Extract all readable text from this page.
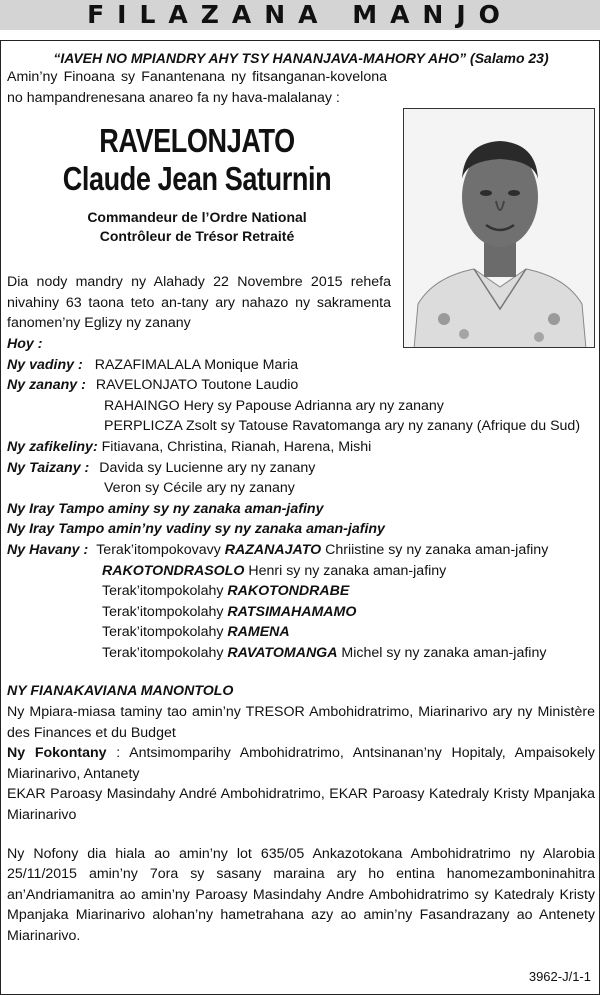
FILAZANA MANJO
“IAVEH NO MPIANDRY AHY TSY HANANJAVA-MAHORY AHO” (Salamo 23)
Amin’ny Finoana sy Fanantenana ny fitsanganan-kovelona no hampandrenesana anareo fa ny hava-malalanay :
RAVELONJATO
Claude Jean Saturnin
Commandeur de l’Ordre National
Contrôleur de Trésor Retraité
Dia nody mandry ny Alahady 22 Novembre 2015 rehefa nivahiny 63 taona teto an-tany ary nahazo ny sakramenta fanomen’ny Eglizy ny zanany
Hoy :
Ny vadiny : RAZAFIMALALA Monique Maria
Ny zanany : RAVELONJATO Toutone Laudio
RAHAINGO Hery sy Papouse Adrianna ary ny zanany
PERPLICZA Zsolt sy Tatouse Ravatomanga ary ny zanany (Afrique du Sud)
Ny zafikeliny: Fitiavana, Christina, Rianah, Harena, Mishi
Ny Taizany : Davida sy Lucienne ary ny zanany
Veron sy Cécile ary ny zanany
Ny Iray Tampo aminy sy ny zanaka aman-jafiny
Ny Iray Tampo amin’ny vadiny sy ny zanaka aman-jafiny
Ny Havany : Terak’itompokovavy RAZANAJATO Chriistine sy ny zanaka aman-jafiny
RAKOTONDRASOLO Henri sy ny zanaka aman-jafiny
Terak’itompokolahy RAKOTONDRABE
Terak’itompokolahy RATSIMAHAMAMO
Terak’itompokolahy RAMENA
Terak’itompokolahy RAVATOMANGA Michel sy ny zanaka aman-jafiny
NY FIANAKAVIANA MANONTOLO
Ny Mpiara-miasa taminy tao amin’ny TRESOR Ambohidratrimo, Miarinarivo ary ny Ministère des Finances et du Budget
Ny Fokontany : Antsimomparihy Ambohidratrimo, Antsinanan’ny Hopitaly, Ampaisokely Miarinarivo, Antanety
EKAR Paroasy Masindahy André Ambohidratrimo, EKAR Paroasy Katedraly Kristy Mpanjaka Miarinarivo
Ny Nofony dia hiala ao amin’ny lot 635/05 Ankazotokana Ambohidratrimo ny Alarobia 25/11/2015 amin’ny 7ora sy sasany maraina ary ho entina hanomezamboninahitra an’Andriamanitra ao amin’ny Paroasy Masindahy Andre Ambohidratrimo sy Katedraly Kristy Mpanjaka Miarinarivo alohan’ny hametrahana azy ao amin’ny Fasandrazany ao Antenety Miarinarivo.
3962-J/1-1
